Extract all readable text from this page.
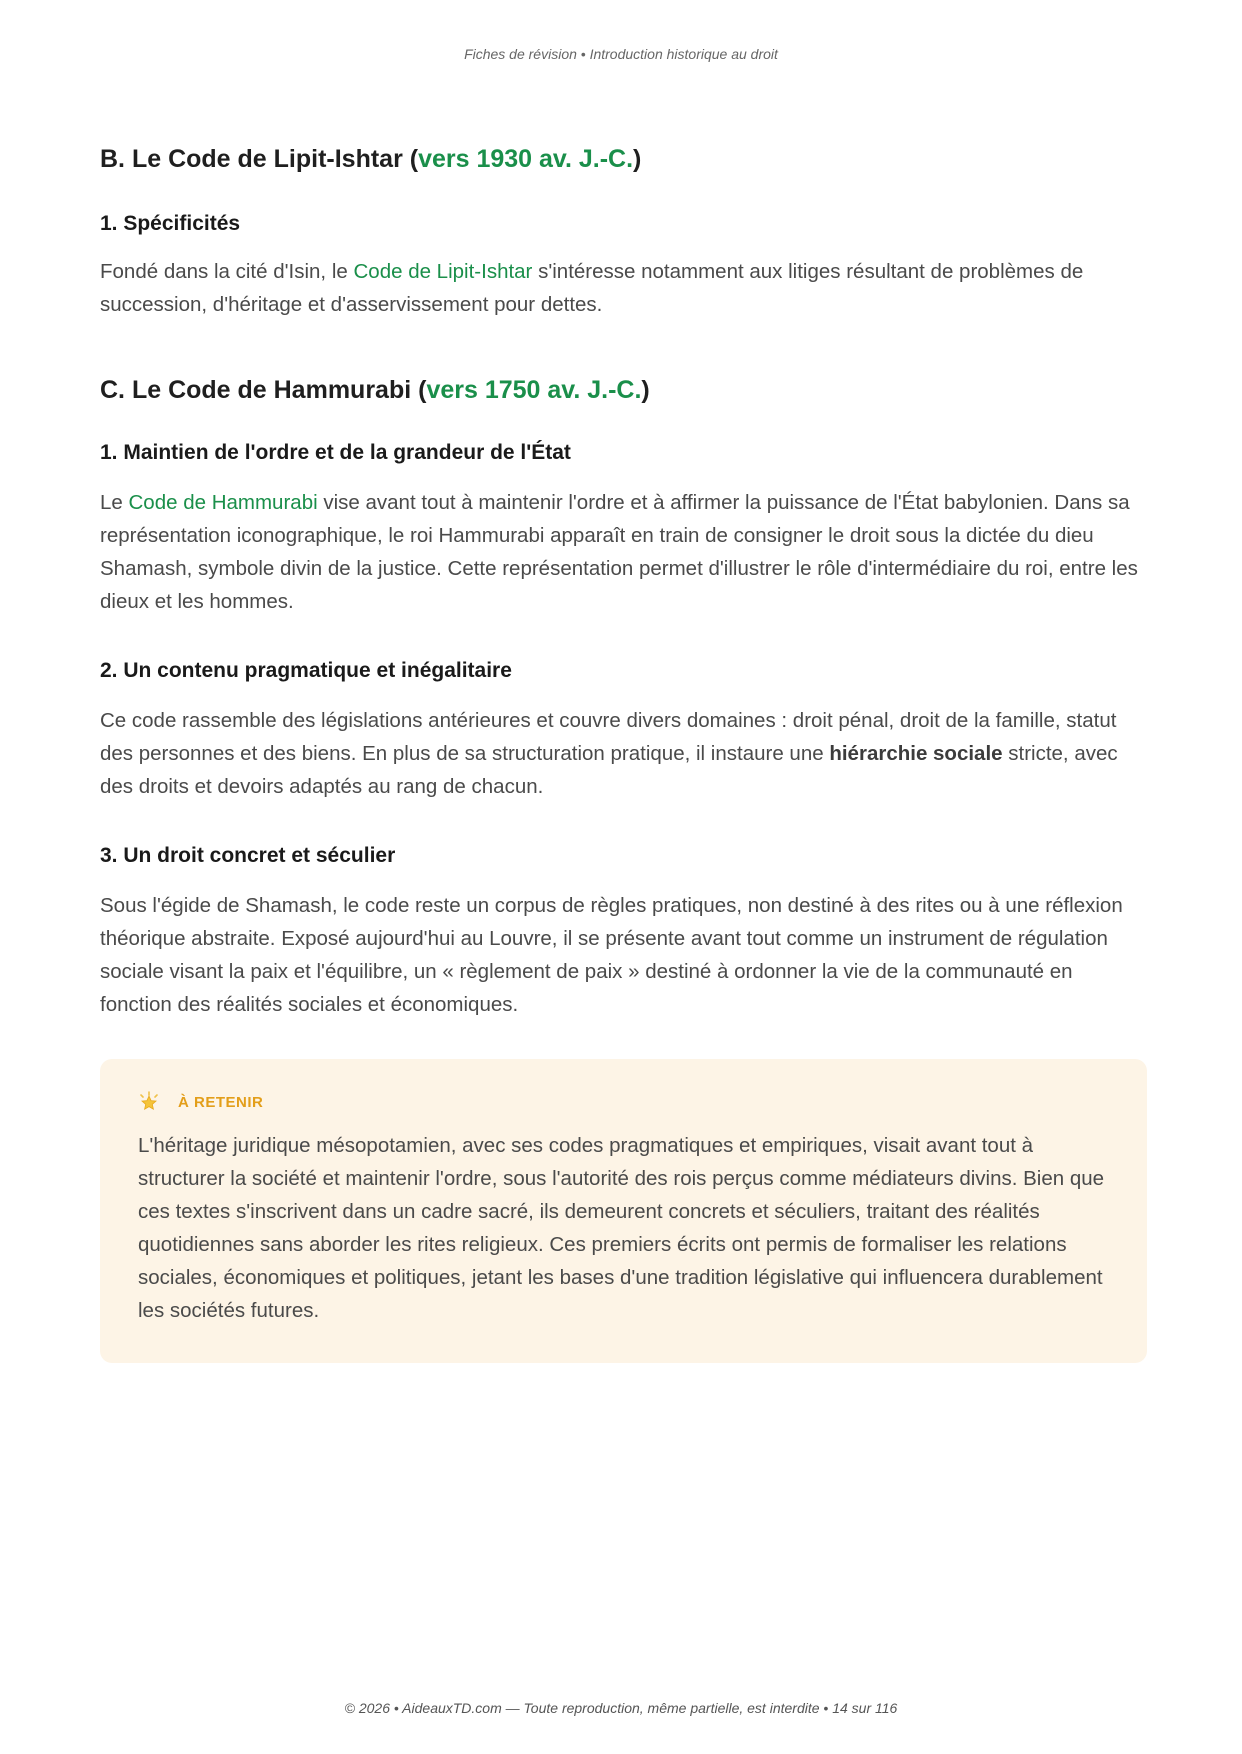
Fiches de révision • Introduction historique au droit
B. Le Code de Lipit-Ishtar (vers 1930 av. J.-C.)
1. Spécificités

Fondé dans la cité d'Isin, le Code de Lipit-Ishtar s'intéresse notamment aux litiges résultant de problèmes de succession, d'héritage et d'asservissement pour dettes.

C. Le Code de Hammurabi (vers 1750 av. J.-C.)
1. Maintien de l'ordre et de la grandeur de l'État

Le Code de Hammurabi vise avant tout à maintenir l'ordre et à affirmer la puissance de l'État babylonien. Dans sa représentation iconographique, le roi Hammurabi apparaît en train de consigner le droit sous la dictée du dieu Shamash, symbole divin de la justice. Cette représentation permet d'illustrer le rôle d'intermédiaire du roi, entre les dieux et les hommes.

2. Un contenu pragmatique et inégalitaire

Ce code rassemble des législations antérieures et couvre divers domaines : droit pénal, droit de la famille, statut des personnes et des biens. En plus de sa structuration pratique, il instaure une hiérarchie sociale stricte, avec des droits et devoirs adaptés au rang de chacun.

3. Un droit concret et séculier

Sous l'égide de Shamash, le code reste un corpus de règles pratiques, non destiné à des rites ou à une réflexion théorique abstraite. Exposé aujourd'hui au Louvre, il se présente avant tout comme un instrument de régulation sociale visant la paix et l'équilibre, un « règlement de paix » destiné à ordonner la vie de la communauté en fonction des réalités sociales et économiques.

À RETENIR

L'héritage juridique mésopotamien, avec ses codes pragmatiques et empiriques, visait avant tout à structurer la société et maintenir l'ordre, sous l'autorité des rois perçus comme médiateurs divins. Bien que ces textes s'inscrivent dans un cadre sacré, ils demeurent concrets et séculiers, traitant des réalités quotidiennes sans aborder les rites religieux. Ces premiers écrits ont permis de formaliser les relations sociales, économiques et politiques, jetant les bases d'une tradition législative qui influencera durablement les sociétés futures.

© 2026 • AideauxTD.com — Toute reproduction, même partielle, est interdite • 14 sur 116
